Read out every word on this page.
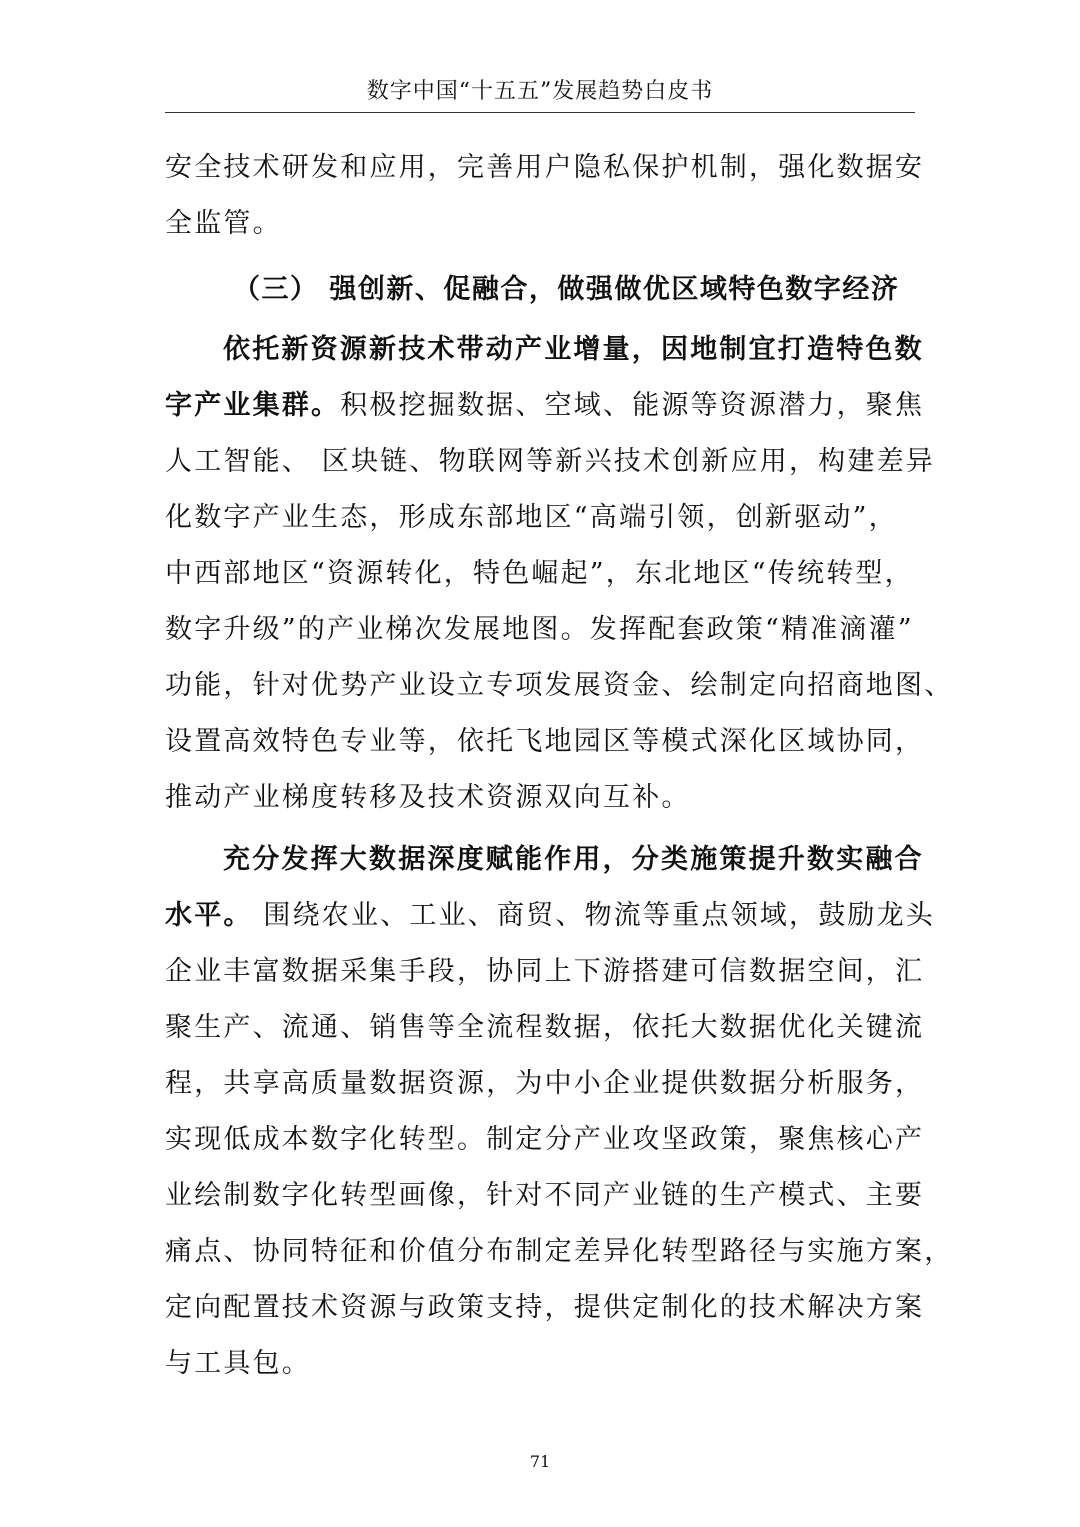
数字中国“十五五”发展趋势白皮书
安全技术研发和应用，完善用户隐私保护机制，强化数据安
全监管。
（三） 强创新、促融合，做强做优区域特色数字经济
依托新资源新技术带动产业增量，因地制宜打造特色数
字产业集群。积极挖掘数据、空域、能源等资源潜力，聚焦
人工智能、 区块链、物联网等新兴技术创新应用，构建差异
化数字产业生态，形成东部地区“高端引领，创新驱动”，
中西部地区“资源转化，特色崛起”，东北地区“传统转型，
数字升级”的产业梯次发展地图。发挥配套政策“精准滴灌”
功能，针对优势产业设立专项发展资金、绘制定向招商地图、
设置高效特色专业等，依托飞地园区等模式深化区域协同，
推动产业梯度转移及技术资源双向互补。
充分发挥大数据深度赋能作用，分类施策提升数实融合
水平。 围绕农业、工业、商贸、物流等重点领域，鼓励龙头
企业丰富数据采集手段，协同上下游搭建可信数据空间，汇
聚生产、流通、销售等全流程数据，依托大数据优化关键流
程，共享高质量数据资源，为中小企业提供数据分析服务，
实现低成本数字化转型。制定分产业攻坚政策，聚焦核心产
业绘制数字化转型画像，针对不同产业链的生产模式、主要
痛点、协同特征和价值分布制定差异化转型路径与实施方案，
定向配置技术资源与政策支持，提供定制化的技术解决方案
与工具包。
71
